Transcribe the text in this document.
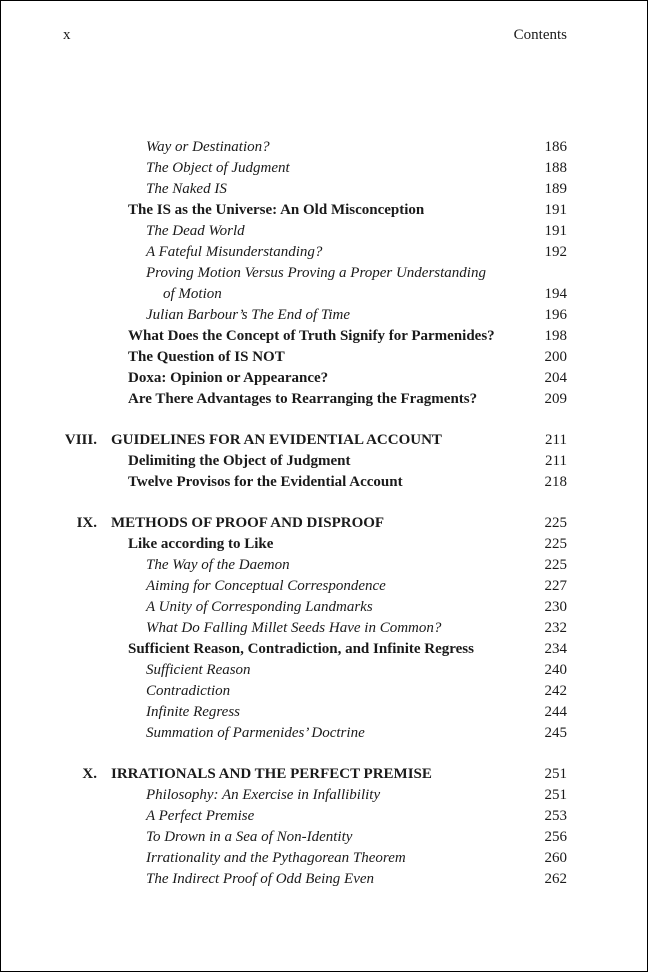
x	Contents
Way or Destination?	186
The Object of Judgment	188
The Naked IS	189
The IS as the Universe: An Old Misconception	191
The Dead World	191
A Fateful Misunderstanding?	192
Proving Motion Versus Proving a Proper Understanding
of Motion	194
Julian Barbour’s The End of Time	196
What Does the Concept of Truth Signify for Parmenides?	198
The Question of IS NOT	200
Doxa: Opinion or Appearance?	204
Are There Advantages to Rearranging the Fragments?	209
VIII. GUIDELINES FOR AN EVIDENTIAL ACCOUNT	211
Delimiting the Object of Judgment	211
Twelve Provisos for the Evidential Account	218
IX. METHODS OF PROOF AND DISPROOF	225
Like according to Like	225
The Way of the Daemon	225
Aiming for Conceptual Correspondence	227
A Unity of Corresponding Landmarks	230
What Do Falling Millet Seeds Have in Common?	232
Sufficient Reason, Contradiction, and Infinite Regress	234
Sufficient Reason	240
Contradiction	242
Infinite Regress	244
Summation of Parmenides’ Doctrine	245
X. IRRATIONALS AND THE PERFECT PREMISE	251
Philosophy: An Exercise in Infallibility	251
A Perfect Premise	253
To Drown in a Sea of Non-Identity	256
Irrationality and the Pythagorean Theorem	260
The Indirect Proof of Odd Being Even	262
